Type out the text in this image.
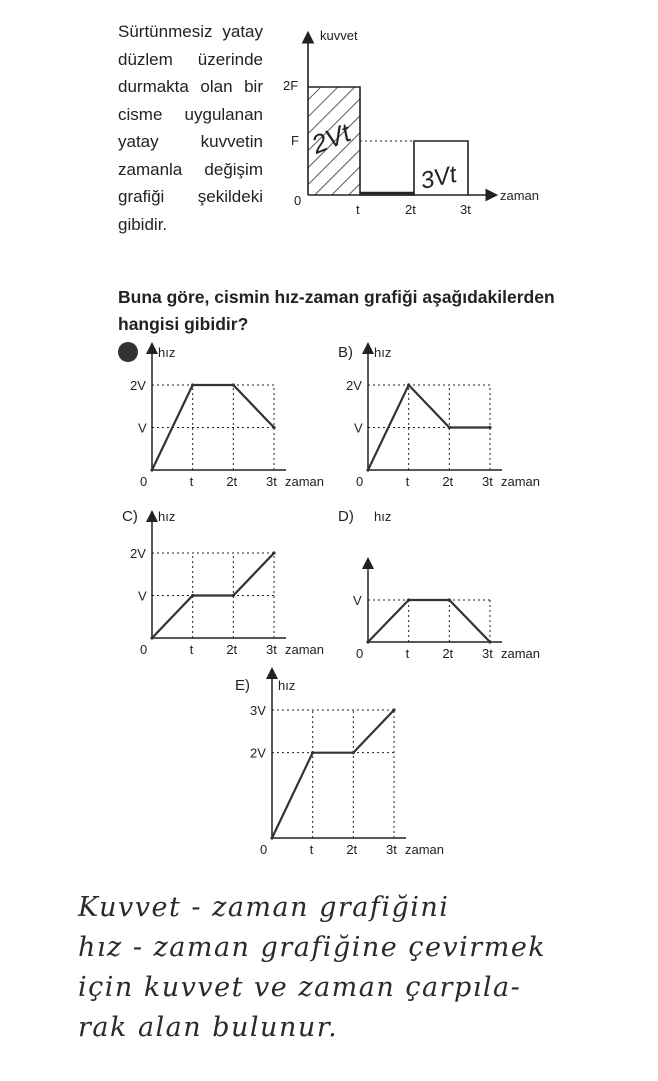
Sürtünmesiz yatay düzlem üzerinde durmakta olan bir cisme uygulanan yatay kuvvetin zamanla değişim grafiği şekildeki gibidir.
Buna göre, cismin hız-zaman grafiği aşağıdakilerden hangisi gibidir?
kuvvet
zaman
2F
F
0
t	2t	3t
2Vt
3Vt
hız
2V
V
0	t	2t 3t zaman
B) hız
2V
V
0	t	2t 3t zaman
C) hız
2V
V
0	t	2t 3t zaman
D) hız
V
0	t	2t 3t zaman
E) hız
3V
2V
0	t	2t 3t zaman
Kuvvet - zaman grafiğini
hız - zaman grafiğine çevirmek
için kuvvet ve zaman çarpıla-
rak alan bulunur.
